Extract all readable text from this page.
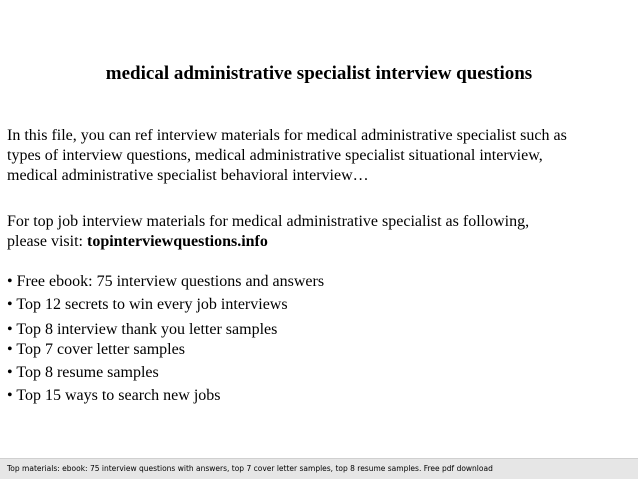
medical administrative specialist interview questions
In this file, you can ref interview materials for medical administrative specialist such as
types of interview questions, medical administrative specialist situational interview,
medical administrative specialist behavioral interview…
For top job interview materials for medical administrative specialist as following,
please visit: topinterviewquestions.info
• Free ebook: 75 interview questions and answers
• Top 12 secrets to win every job interviews
• Top 8 interview thank you letter samples
• Top 7 cover letter samples
• Top 8 resume samples
• Top 15 ways to search new jobs
Top materials: ebook: 75 interview questions with answers, top 7 cover letter samples, top 8 resume samples. Free pdf download
